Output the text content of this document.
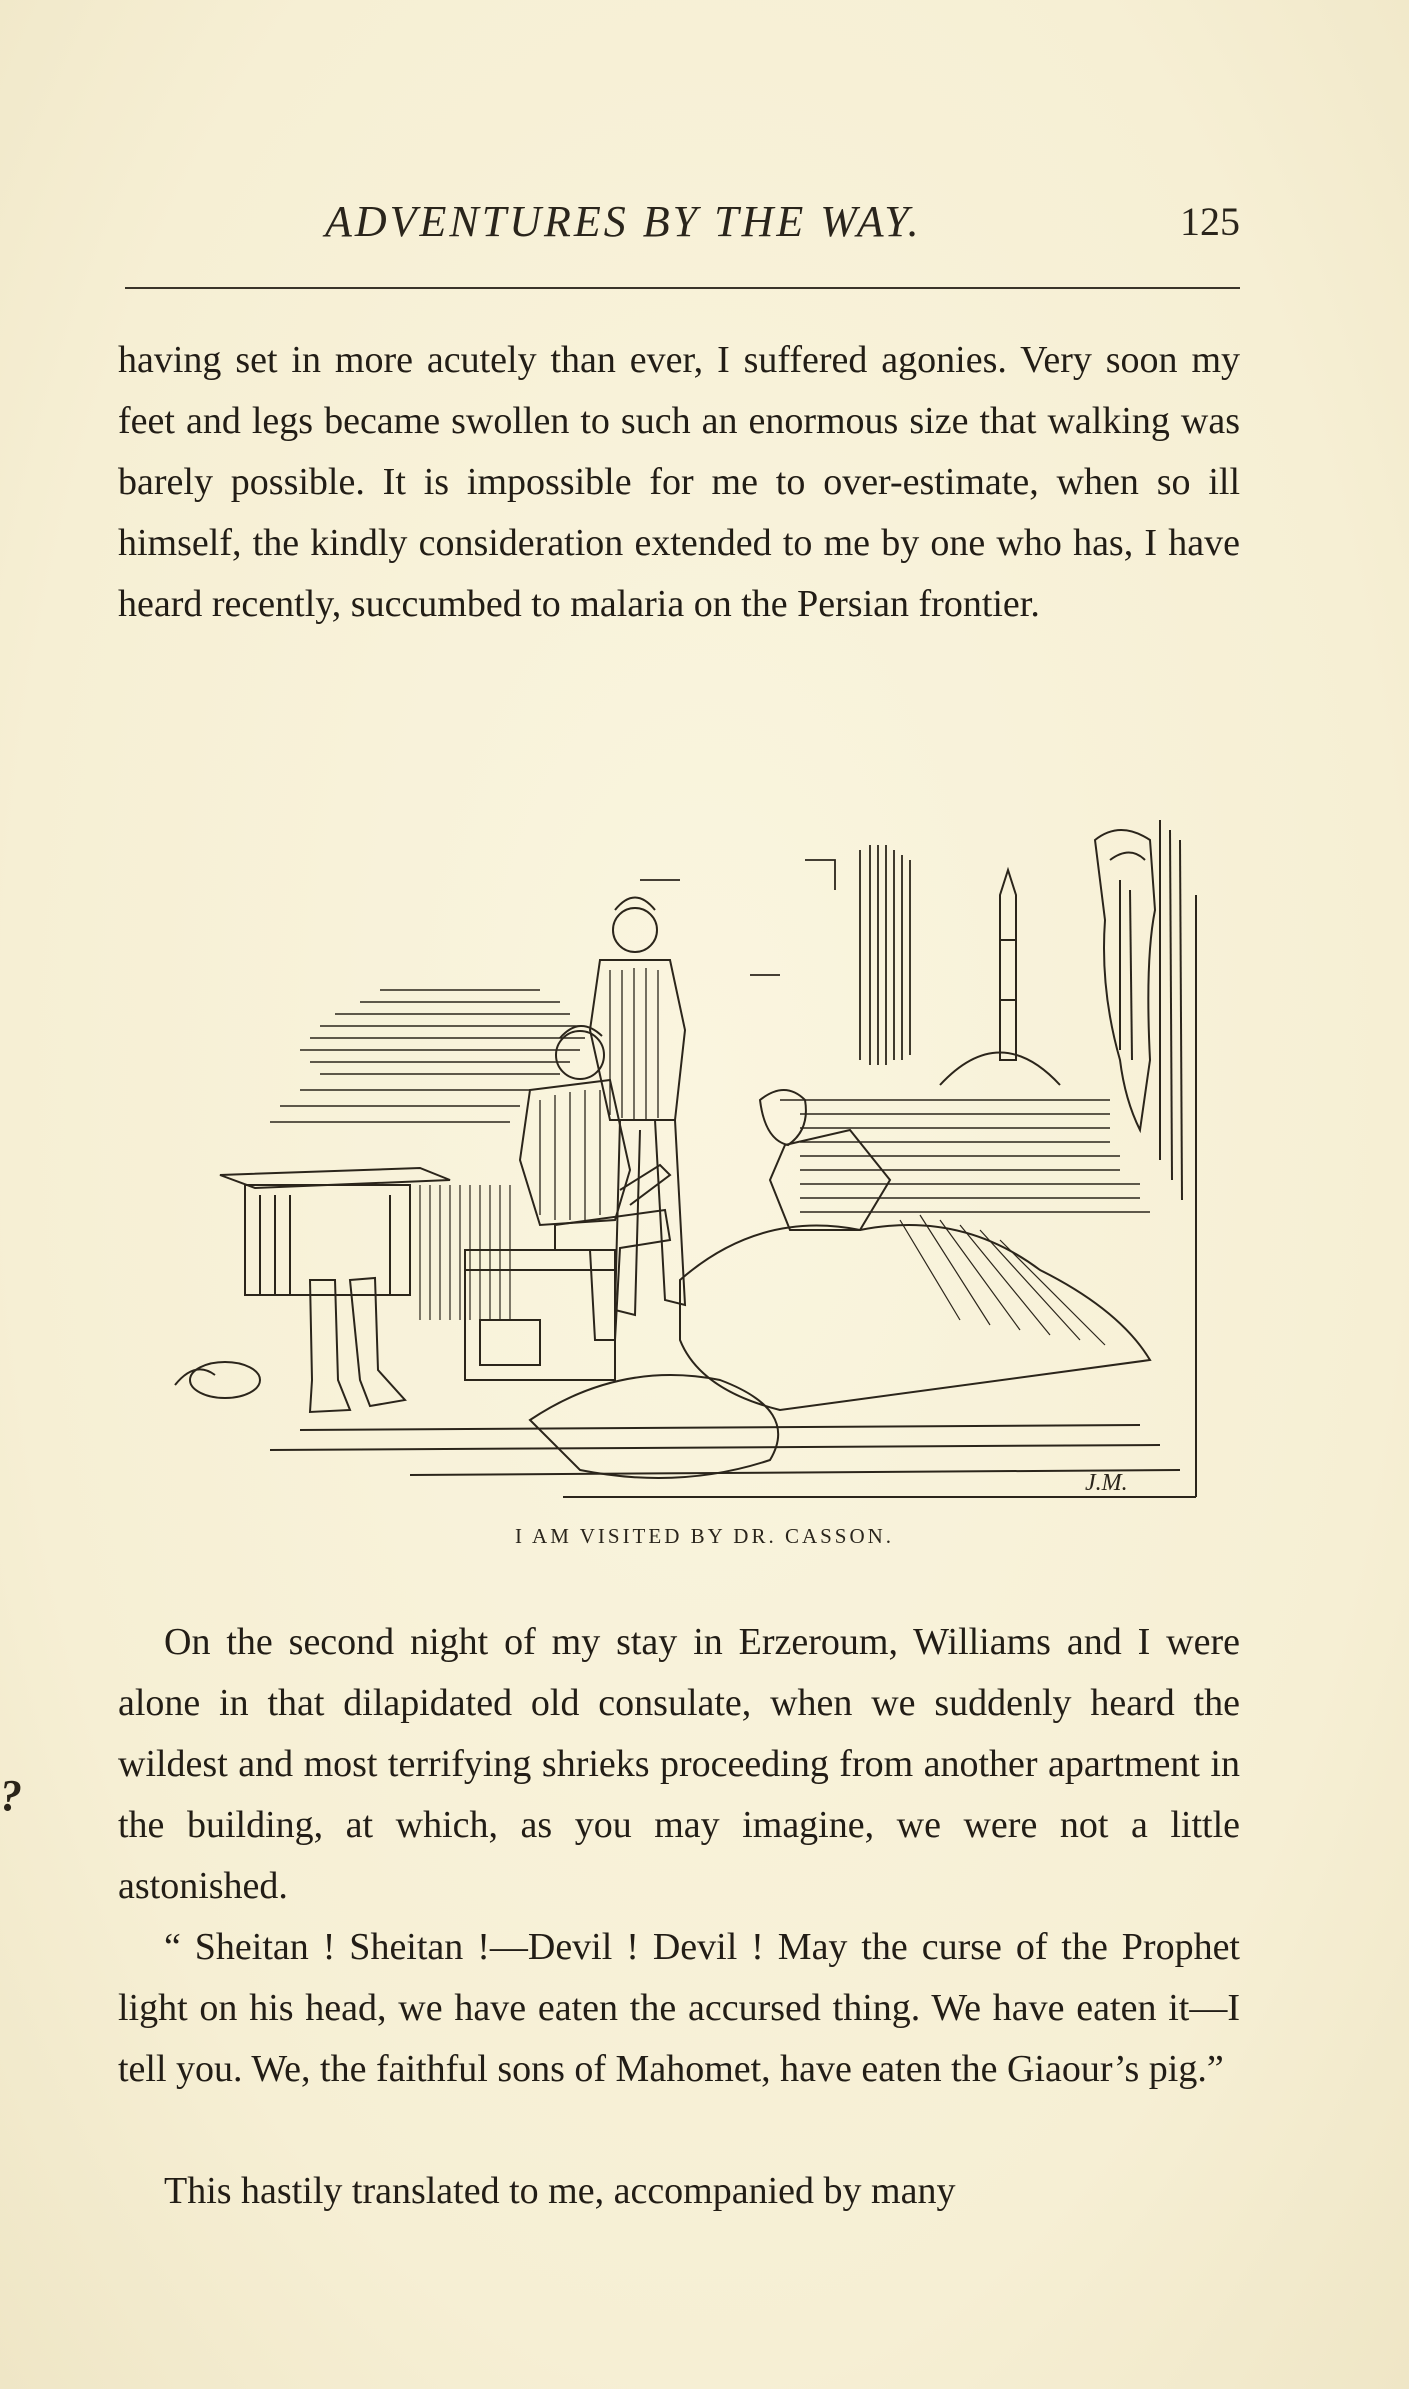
ADVENTURES BY THE WAY.	125

having set in more acutely than ever, I suffered agonies. Very soon my feet and legs became swollen to such an enormous size that walking was barely possible. It is impossible for me to over-estimate, when so ill himself, the kindly consideration extended to me by one who has, I have heard recently, succumbed to malaria on the Persian frontier.

J.M.
I AM VISITED BY DR. CASSON.

On the second night of my stay in Erzeroum, Williams and I were alone in that dilapidated old consulate, when we suddenly heard the wildest and most terrifying shrieks proceeding from another apartment in the building, at which, as you may imagine, we were not a little astonished.

“ Sheitan ! Sheitan !—Devil ! Devil ! May the curse of the Prophet light on his head, we have eaten the accursed thing. We have eaten it—I tell you. We, the faithful sons of Mahomet, have eaten the Giaour’s pig.”

This hastily translated to me, accompanied by many

?
